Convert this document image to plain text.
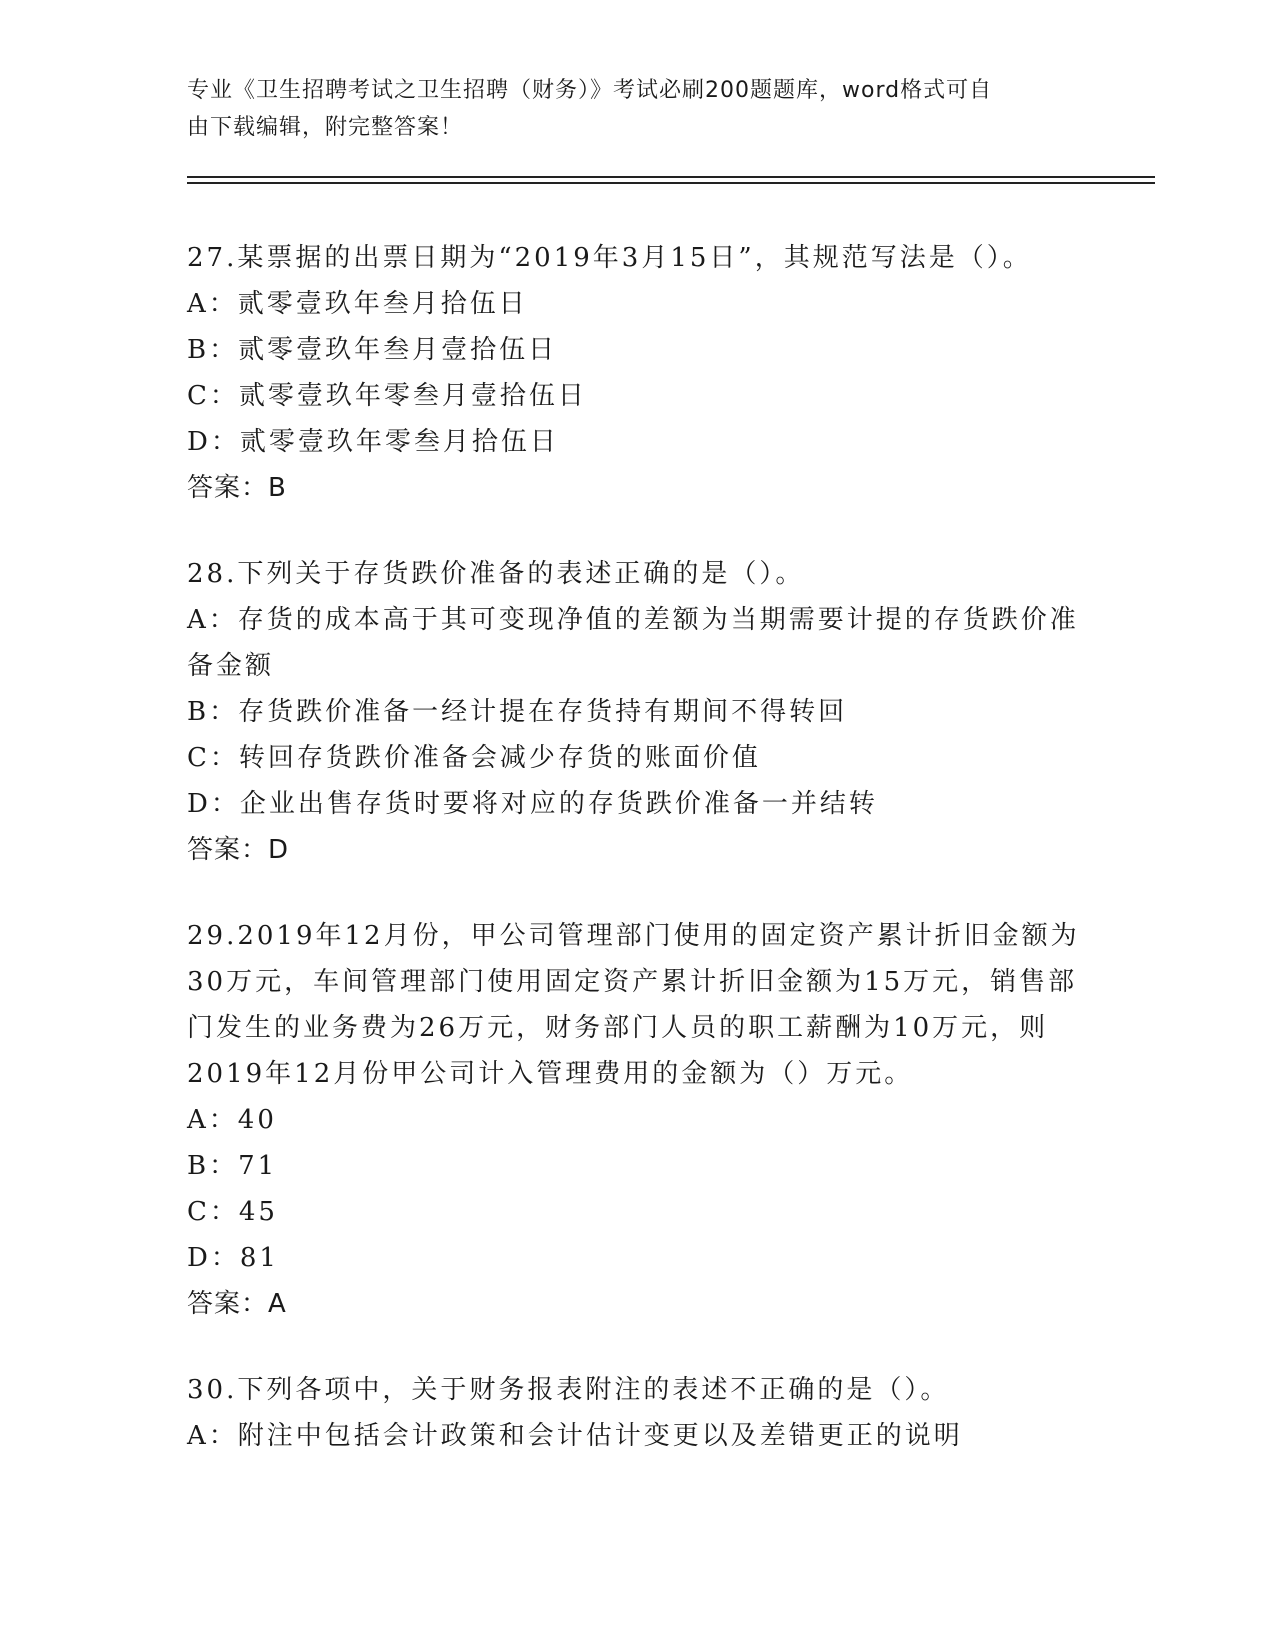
专业《卫生招聘考试之卫生招聘（财务）》考试必刷200题题库，word格式可自
由下载编辑，附完整答案！
27.某票据的出票日期为“2019年3月15日”，其规范写法是（）。
A：贰零壹玖年叁月拾伍日
B：贰零壹玖年叁月壹拾伍日
C：贰零壹玖年零叁月壹拾伍日
D：贰零壹玖年零叁月拾伍日
答案：B
28.下列关于存货跌价准备的表述正确的是（）。
A：存货的成本高于其可变现净值的差额为当期需要计提的存货跌价准
备金额
B：存货跌价准备一经计提在存货持有期间不得转回
C：转回存货跌价准备会减少存货的账面价值
D：企业出售存货时要将对应的存货跌价准备一并结转
答案：D
29.2019年12月份，甲公司管理部门使用的固定资产累计折旧金额为
30万元，车间管理部门使用固定资产累计折旧金额为15万元，销售部
门发生的业务费为26万元，财务部门人员的职工薪酬为10万元，则
2019年12月份甲公司计入管理费用的金额为（）万元。
A：40
B：71
C：45
D：81
答案：A
30.下列各项中，关于财务报表附注的表述不正确的是（）。
A：附注中包括会计政策和会计估计变更以及差错更正的说明
